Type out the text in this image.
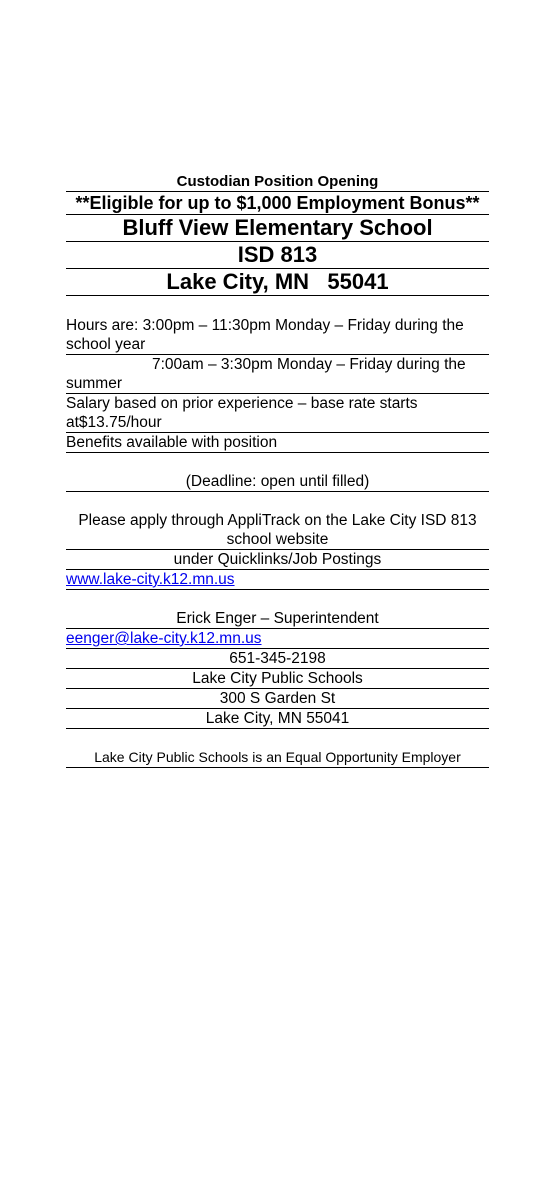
Custodian Position Opening
**Eligible for up to $1,000 Employment Bonus**
Bluff View Elementary School
ISD 813
Lake City, MN   55041
Hours are: 3:00pm – 11:30pm Monday – Friday during the school year
7:00am – 3:30pm Monday – Friday during the summer
Salary based on prior experience – base rate starts at$13.75/hour
Benefits available with position
(Deadline: open until filled)
Please apply through AppliTrack on the Lake City ISD 813 school website
under Quicklinks/Job Postings
www.lake-city.k12.mn.us
Erick Enger – Superintendent
eenger@lake-city.k12.mn.us
651-345-2198
Lake City Public Schools
300 S Garden St
Lake City, MN 55041
Lake City Public Schools is an Equal Opportunity Employer
